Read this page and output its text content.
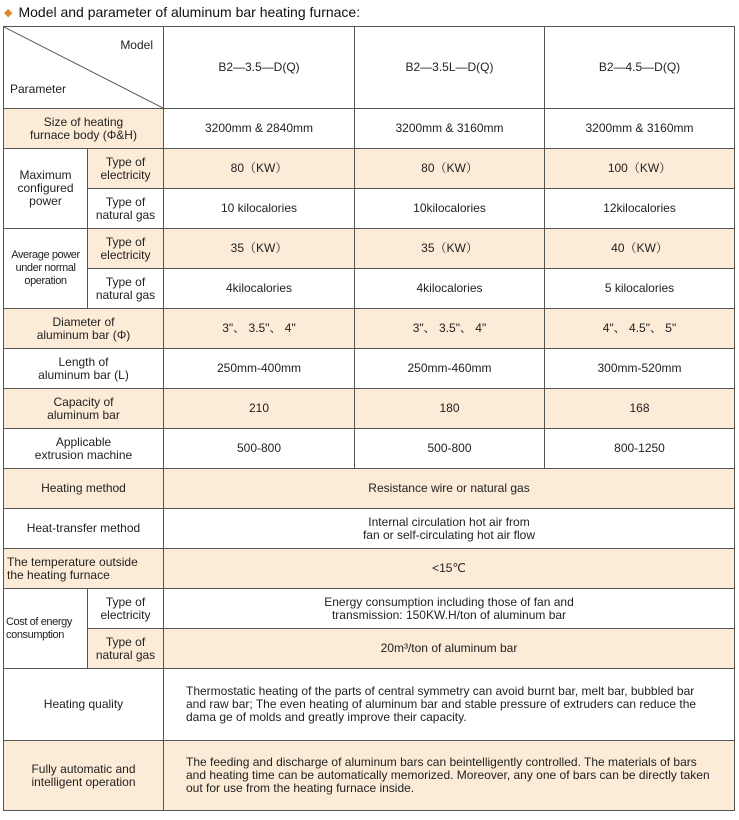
◆ Model and parameter of aluminum bar heating furnace:
Model
Parameter		B2—3.5—D(Q)	B2—3.5L—D(Q)	B2—4.5—D(Q)
Size of heating
furnace body (Φ&H)		3200mm & 2840mm	3200mm & 3160mm	3200mm & 3160mm
Maximum
configured
power	Type of
electricity	80（KW）	80（KW）	100（KW）
	Type of
natural gas	10 kilocalories	10kilocalories	12kilocalories
Average power
under normal
operation	Type of
electricity	35（KW）	35（KW）	40（KW）
	Type of
natural gas	4kilocalories	4kilocalories	5 kilocalories
Diameter of
aluminum bar (Φ)		3"、 3.5"、 4"	3"、 3.5"、 4"	4"、 4.5"、 5"
Length of
aluminum bar (L)		250mm-400mm	250mm-460mm	300mm-520mm
Capacity of
aluminum bar		210	180	168
Applicable
extrusion machine		500-800	500-800	800-1250
Heating method		Resistance wire or natural gas		
Heat-transfer method		Internal circulation hot air from
fan or self-circulating hot air flow		
The temperature outside
the heating furnace		<15℃		
Cost of energy
consumption	Type of
electricity	Energy consumption including those of fan and
transmission: 150KW.H/ton of aluminum bar		
	Type of
natural gas	20m³/ton of aluminum bar		
Heating quality		Thermostatic heating of the parts of central symmetry can avoid burnt bar, melt bar, bubbled bar and raw bar; The even heating of aluminum bar and stable pressure of extruders can reduce the dama ge of molds and greatly improve their capacity.		
Fully automatic and
intelligent operation		The feeding and discharge of aluminum bars can beintelligently controlled. The materials of bars and heating time can be automatically memorized. Moreover, any one of bars can be directly taken out for use from the heating furnace inside.		
